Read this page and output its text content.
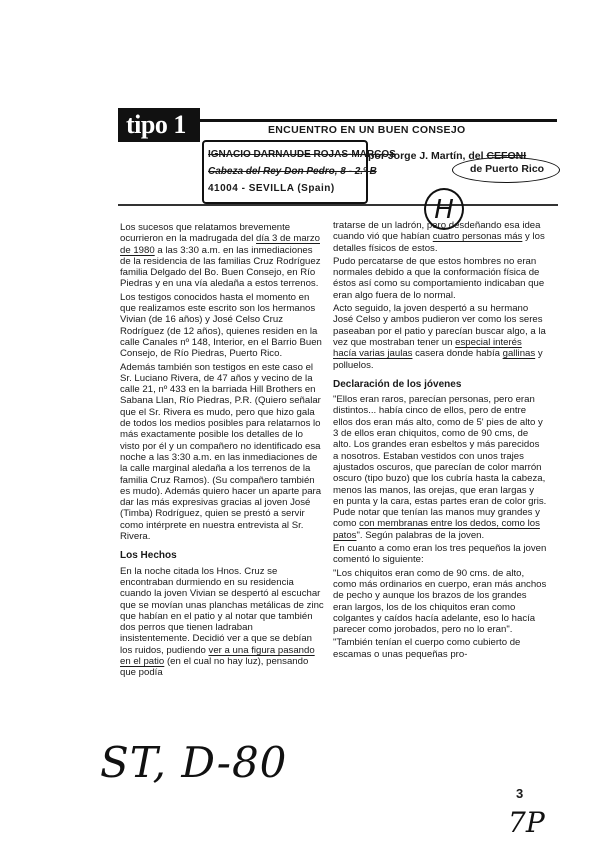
tipo 1	ENCUENTRO EN UN BUEN CONSEJO
IGNACIO DARNAUDE ROJAS-MARCOS
Cabeza del Rey Don Pedro, 8 - 2.º B
41004 - SEVILLA (Spain)
por Jorge J. Martín, del CEFONI
de Puerto Rico
H

Los sucesos que relatamos brevemente ocurrieron en la madrugada del día 3 de marzo de 1980 a las 3:30 a.m. en las inmediaciones de la residencia de las familias Cruz Rodríguez familia Delgado del Bo. Buen Consejo, en Río Piedras y en una vía aledaña a estos terrenos.

Los testigos conocidos hasta el momento en que realizamos este escrito son los hermanos Vivian (de 16 años) y José Celso Cruz Rodríguez (de 12 años), quienes residen en la calle Canales nº 148, Interior, en el Barrio Buen Consejo, de Río Piedras, Puerto Rico.

Además también son testigos en este caso el Sr. Luciano Rivera, de 47 años y vecino de la calle 21, nº 433 en la barriada Hill Brothers en Sabana Llan, Río Piedras, P.R. (Quiero señalar que el Sr. Rivera es mudo, pero que hizo gala de todos los medios posibles para relatarnos lo más exactamente posible los detalles de lo visto por él y un compañero no identificado esa noche a las 3:30 a.m. en las inmediaciones de la calle marginal aledaña a los terrenos de la familia Cruz Ramos). (Su compañero también es mudo). Además quiero hacer un aparte para dar las más expresivas gracias al joven José (Timba) Rodríguez, quien se prestó a servir como intérprete en nuestra entrevista al Sr. Rivera.

Los Hechos

En la noche citada los Hnos. Cruz se encontraban durmiendo en su residencia cuando la joven Vivian se despertó al escuchar que se movían unas planchas metálicas de zinc que habían en el patio y al notar que también dos perros que tienen ladraban insistentemente. Decidió ver a que se debían los ruidos, pudiendo ver a una figura pasando en el patio (en el cual no hay luz), pensando que podía

tratarse de un ladrón, pero desdeñando esa idea cuando vió que habían cuatro personas más y los detalles físicos de estos.

Pudo percatarse de que estos hombres no eran normales debido a que la conformación física de éstos así como su comportamiento indicaban que eran algo fuera de lo normal.

Acto seguido, la joven despertó a su hermano José Celso y ambos pudieron ver como los seres paseaban por el patio y parecían buscar algo, a la vez que mostraban tener un especial interés hacía varias jaulas casera donde había gallinas y polluelos.

Declaración de los jóvenes

"Ellos eran raros, parecían personas, pero eran distintos... había cinco de ellos, pero de entre ellos dos eran más alto, como de 5' pies de alto y 3 de ellos eran chiquitos, como de 90 cms, de alto. Los grandes eran esbeltos y más parecidos a nosotros. Estaban vestidos con unos trajes ajustados oscuros, que parecían de color marrón oscuro (tipo buzo) que los cubría hasta la cabeza, menos las manos, las orejas, que eran largas y en punta y la cara, estas partes eran de color gris. Pude notar que tenían las manos muy grandes y como con membranas entre los dedos, como los patos". Según palabras de la joven.

En cuanto a como eran los tres pequeños la joven comentó lo siguiente:

"Los chiquitos eran como de 90 cms. de alto, como más ordinarios en cuerpo, eran más anchos de pecho y aunque los brazos de los grandes eran largos, los de los chiquitos eran como colgantes y caídos hacía adelante, eso lo hacía parecer como jorobados, pero no lo eran".

"También tenían el cuerpo como cubierto de escamas o unas pequeñas pro-

ST, D-80
3
7P
